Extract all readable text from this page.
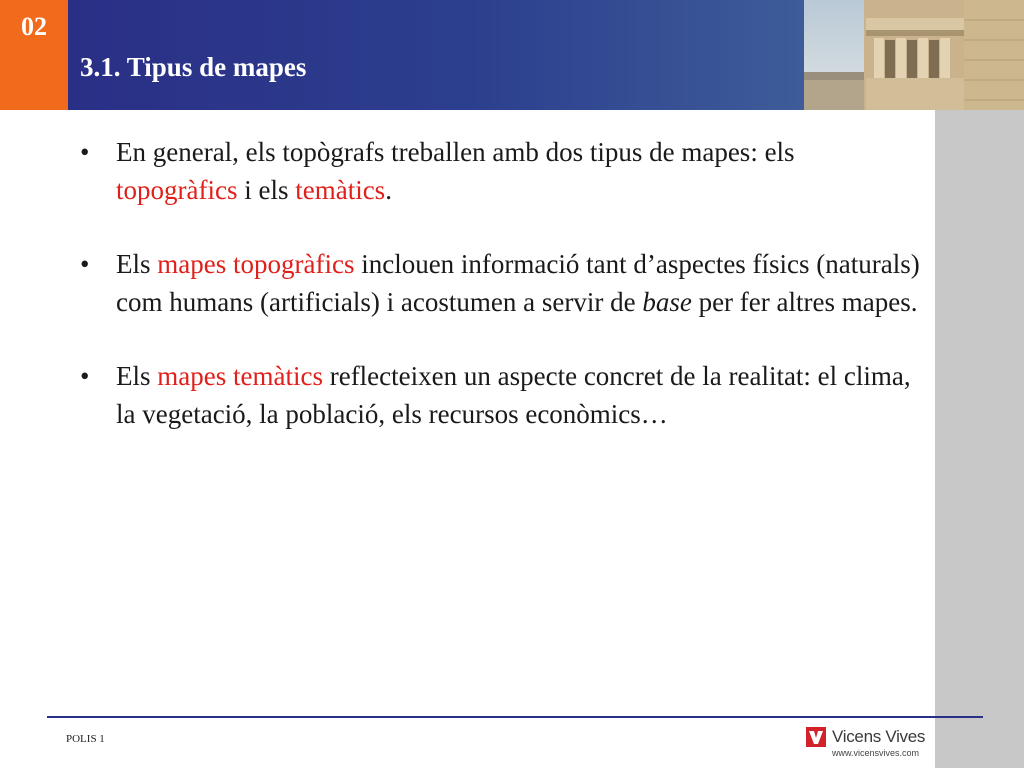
02
3.1. Tipus de mapes
• En general, els topògrafs treballen amb dos tipus de mapes: els topogràfics i els temàtics.
• Els mapes topogràfics inclouen informació tant d’aspectes físics (naturals) com humans (artificials) i acostumen a servir de base per fer altres mapes.
• Els mapes temàtics reflecteixen un aspecte concret de la realitat: el clima, la vegetació, la població, els recursos econòmics…
POLIS 1	Vicens Vives
www.vicensvives.com
